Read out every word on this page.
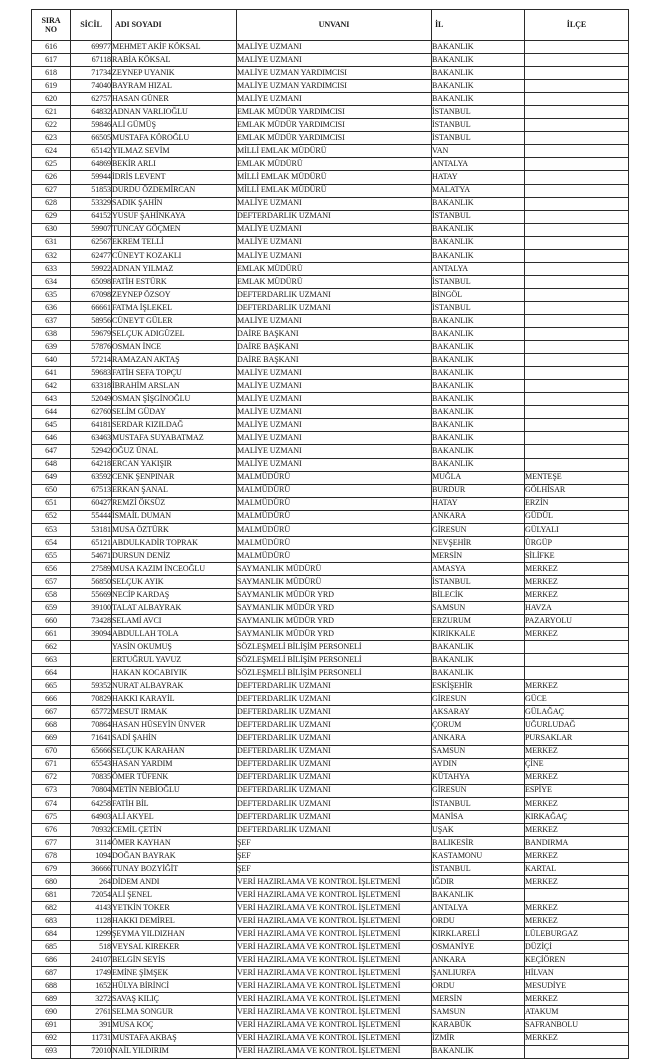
SIRA
NO	SİCİL	ADI SOYADI	UNVANI	İL	İLÇE
616	69977	MEHMET AKİF KÖKSAL	MALİYE UZMANI	BAKANLIK	
617	67118	RABİA KÖKSAL	MALİYE UZMANI	BAKANLIK	
618	71734	ZEYNEP UYANIK	MALİYE UZMAN YARDIMCISI	BAKANLIK	
619	74040	BAYRAM HIZAL	MALİYE UZMAN YARDIMCISI	BAKANLIK	
620	62757	HASAN GÜNER	MALİYE UZMANI	BAKANLIK	
621	64832	ADNAN VARLIOĞLU	EMLAK MÜDÜR YARDIMCISI	İSTANBUL	
622	59846	ALİ GÜMÜŞ	EMLAK MÜDÜR YARDIMCISI	İSTANBUL	
623	66505	MUSTAFA KÖROĞLU	EMLAK MÜDÜR YARDIMCISI	İSTANBUL	
624	65142	YILMAZ SEVİM	MİLLİ EMLAK MÜDÜRÜ	VAN	
625	64869	BEKİR ARLI	EMLAK MÜDÜRÜ	ANTALYA	
626	59944	İDRİS LEVENT	MİLLİ EMLAK MÜDÜRÜ	HATAY	
627	51853	DURDU ÖZDEMİRCAN	MİLLİ EMLAK MÜDÜRÜ	MALATYA	
628	53329	SADIK ŞAHİN	MALİYE UZMANI	BAKANLIK	
629	64152	YUSUF ŞAHİNKAYA	DEFTERDARLIK UZMANI	İSTANBUL	
630	59907	TUNCAY GÖÇMEN	MALİYE UZMANI	BAKANLIK	
631	62567	EKREM TELLİ	MALİYE UZMANI	BAKANLIK	
632	62477	CÜNEYT KOZAKLI	MALİYE UZMANI	BAKANLIK	
633	59922	ADNAN YILMAZ	EMLAK MÜDÜRÜ	ANTALYA	
634	65098	FATİH ESTÜRK	EMLAK MÜDÜRÜ	İSTANBUL	
635	67098	ZEYNEP ÖZSOY	DEFTERDARLIK UZMANI	BİNGÖL	
636	66661	FATMA İŞLEKEL	DEFTERDARLIK UZMANI	İSTANBUL	
637	58956	CÜNEYT GÜLER	MALİYE UZMANI	BAKANLIK	
638	59679	SELÇUK ADIGÜZEL	DAİRE BAŞKANI	BAKANLIK	
639	57876	OSMAN İNCE	DAİRE BAŞKANI	BAKANLIK	
640	57214	RAMAZAN AKTAŞ	DAİRE BAŞKANI	BAKANLIK	
641	59683	FATİH SEFA TOPÇU	MALİYE UZMANI	BAKANLIK	
642	63318	İBRAHİM ARSLAN	MALİYE UZMANI	BAKANLIK	
643	52049	OSMAN ŞİŞGİNOĞLU	MALİYE UZMANI	BAKANLIK	
644	62760	SELİM GÜDAY	MALİYE UZMANI	BAKANLIK	
645	64181	SERDAR KIZILDAĞ	MALİYE UZMANI	BAKANLIK	
646	63463	MUSTAFA SUYABATMAZ	MALİYE UZMANI	BAKANLIK	
647	52942	OĞUZ ÜNAL	MALİYE UZMANI	BAKANLIK	
648	64218	ERCAN YAKIŞIR	MALİYE UZMANI	BAKANLIK	
649	63592	CENK ŞENPINAR	MALMÜDÜRÜ	MUĞLA	MENTEŞE
650	67513	ERKAN ŞANAL	MALMÜDÜRÜ	BURDUR	GÖLHİSAR
651	60427	REMZİ ÖKSÜZ	MALMÜDÜRÜ	HATAY	ERZİN
652	55444	İSMAİL DUMAN	MALMÜDÜRÜ	ANKARA	GÜDÜL
653	53181	MUSA ÖZTÜRK	MALMÜDÜRÜ	GİRESUN	GÜLYALI
654	65121	ABDULKADİR TOPRAK	MALMÜDÜRÜ	NEVŞEHİR	ÜRGÜP
655	54671	DURSUN DENİZ	MALMÜDÜRÜ	MERSİN	SİLİFKE
656	27589	MUSA KAZIM İNCEOĞLU	SAYMANLIK MÜDÜRÜ	AMASYA	MERKEZ
657	56850	SELÇUK AYIK	SAYMANLIK MÜDÜRÜ	İSTANBUL	MERKEZ
658	55669	NECİP KARDAŞ	SAYMANLIK MÜDÜR YRD	BİLECİK	MERKEZ
659	39100	TALAT ALBAYRAK	SAYMANLIK MÜDÜR YRD	SAMSUN	HAVZA
660	73428	SELAMİ AVCI	SAYMANLIK MÜDÜR YRD	ERZURUM	PAZARYOLU
661	39094	ABDULLAH TOLA	SAYMANLIK MÜDÜR YRD	KIRIKKALE	MERKEZ
662		YASİN OKUMUŞ	SÖZLEŞMELİ BİLİŞİM PERSONELİ	BAKANLIK	
663		ERTUĞRUL YAVUZ	SÖZLEŞMELİ BİLİŞİM PERSONELİ	BAKANLIK	
664		HAKAN KOCABIYIK	SÖZLEŞMELİ BİLİŞİM PERSONELİ	BAKANLIK	
665	59352	NURAT ALBAYRAK	DEFTERDARLIK UZMANI	ESKİŞEHİR	MERKEZ
666	70829	HAKKI KARAYİL	DEFTERDARLIK UZMANI	GİRESUN	GÜCE
667	65772	MESUT IRMAK	DEFTERDARLIK UZMANI	AKSARAY	GÜLAĞAÇ
668	70864	HASAN HÜSEYİN ÜNVER	DEFTERDARLIK UZMANI	ÇORUM	UĞURLUDAĞ
669	71641	SADİ ŞAHİN	DEFTERDARLIK UZMANI	ANKARA	PURSAKLAR
670	65666	SELÇUK KARAHAN	DEFTERDARLIK UZMANI	SAMSUN	MERKEZ
671	65543	HASAN YARDIM	DEFTERDARLIK UZMANI	AYDIN	ÇİNE
672	70835	ÖMER TÜFENK	DEFTERDARLIK UZMANI	KÜTAHYA	MERKEZ
673	70804	METİN NEBİOĞLU	DEFTERDARLIK UZMANI	GİRESUN	ESPİYE
674	64258	FATİH BİL	DEFTERDARLIK UZMANI	İSTANBUL	MERKEZ
675	64903	ALİ AKYEL	DEFTERDARLIK UZMANI	MANİSA	KIRKAĞAÇ
676	70932	CEMİL ÇETİN	DEFTERDARLIK UZMANI	UŞAK	MERKEZ
677	3114	ÖMER KAYHAN	ŞEF	BALIKESİR	BANDIRMA
678	1094	DOĞAN BAYRAK	ŞEF	KASTAMONU	MERKEZ
679	36666	TUNAY BOZYİĞİT	ŞEF	İSTANBUL	KARTAL
680	264	DİDEM ANDI	VERİ HAZIRLAMA VE KONTROL İŞLETMENİ	IĞDIR	MERKEZ
681	72054	ALİ ŞENEL	VERİ HAZIRLAMA VE KONTROL İŞLETMENİ	BAKANLIK	
682	4143	YETKİN TOKER	VERİ HAZIRLAMA VE KONTROL İŞLETMENİ	ANTALYA	MERKEZ
683	1128	HAKKI DEMİREL	VERİ HAZIRLAMA VE KONTROL İŞLETMENİ	ORDU	MERKEZ
684	1299	ŞEYMA YILDIZHAN	VERİ HAZIRLAMA VE KONTROL İŞLETMENİ	KIRKLARELİ	LÜLEBURGAZ
685	518	VEYSAL KIREKER	VERİ HAZIRLAMA VE KONTROL İŞLETMENİ	OSMANİYE	DÜZİÇİ
686	24107	BELGİN SEYİS	VERİ HAZIRLAMA VE KONTROL İŞLETMENİ	ANKARA	KEÇİÖREN
687	1749	EMİNE ŞİMŞEK	VERİ HAZIRLAMA VE KONTROL İŞLETMENİ	ŞANLIURFA	HİLVAN
688	1652	HÜLYA BİRİNCİ	VERİ HAZIRLAMA VE KONTROL İŞLETMENİ	ORDU	MESUDİYE
689	3272	SAVAŞ KILIÇ	VERİ HAZIRLAMA VE KONTROL İŞLETMENİ	MERSİN	MERKEZ
690	2761	SELMA SONGUR	VERİ HAZIRLAMA VE KONTROL İŞLETMENİ	SAMSUN	ATAKUM
691	391	MUSA KOÇ	VERİ HAZIRLAMA VE KONTROL İŞLETMENİ	KARABÜK	SAFRANBOLU
692	11731	MUSTAFA AKBAŞ	VERİ HAZIRLAMA VE KONTROL İŞLETMENİ	İZMİR	MERKEZ
693	72010	NAİL YILDIRIM	VERİ HAZIRLAMA VE KONTROL İŞLETMENİ	BAKANLIK	
